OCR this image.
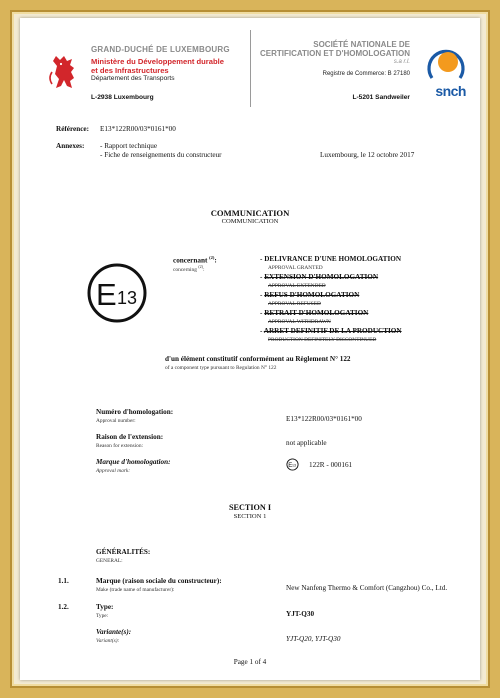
GRAND-DUCHÉ DE LUXEMBOURG
Ministère du Développement durable
et des Infrastructures
Département des Transports
L-2938 Luxembourg
SOCIÉTÉ NATIONALE DE
CERTIFICATION ET D'HOMOLOGATION
s.a r.l.
Registre de Commerce: B 27180
L-5201 Sandweiler snch
Référence: E13*122R00/03*0161*00
Annexes: - Rapport technique
- Fiche de renseignements du constructeur	Luxembourg, le 12 octobre 2017
COMMUNICATION
COMMUNICATION
E 13
concernant $^{(2)}$:
concerning $^{(2)}$:
- DELIVRANCE D'UNE HOMOLOGATION
APPROVAL GRANTED
- EXTENSION D'HOMOLOGATION
APPROVAL EXTENDED
- REFUS D'HOMOLOGATION
APPROVAL REFUSED
- RETRAIT D'HOMOLOGATION
APPROVAL WITHDRAWN
- ARRET DEFINITIF DE LA PRODUCTION
PRODUCTION DEFINITELY DISCONTINUED
d'un élément constitutif conformément au Règlement N° 122
of a component type pursuant to Regulation N° 122
Numéro d'homologation:
Approval number:	E13*122R00/03*0161*00
Raison de l'extension:
Reason for extension:	not applicable
Marque d'homologation:
Approval mark:
E 13 122R - 000161
SECTION I
SECTION 1
GÉNÉRALITÉS:
GENERAL:
1.1.	Marque (raison sociale du constructeur):
Make (trade name of manufacturer):	New Nanfeng Thermo & Comfort (Cangzhou) Co., Ltd.
1.2.	Type:
Type:	YJT-Q30
Variante(s):
Variant(s):	YJT-Q20, YJT-Q30
Page 1 of 4
